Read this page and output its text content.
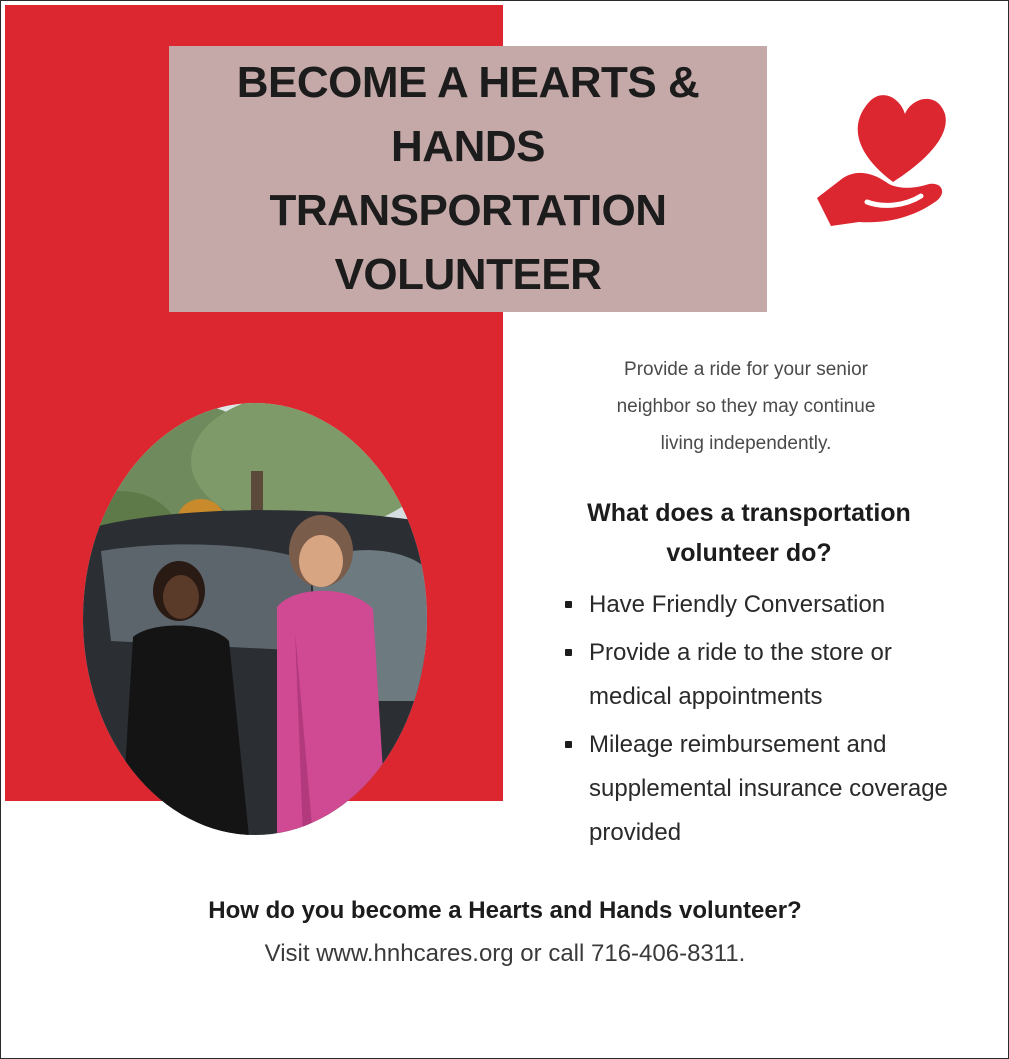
BECOME A HEARTS & HANDS
TRANSPORTATION
VOLUNTEER
Provide a ride for your senior
neighbor so they may continue
living independently.
What does a transportation
volunteer do?
Have Friendly Conversation
Provide a ride to the store or medical appointments
Mileage reimbursement and supplemental insurance coverage provided
How do you become a Hearts and Hands volunteer?
Visit www.hnhcares.org or call 716-406-8311.
